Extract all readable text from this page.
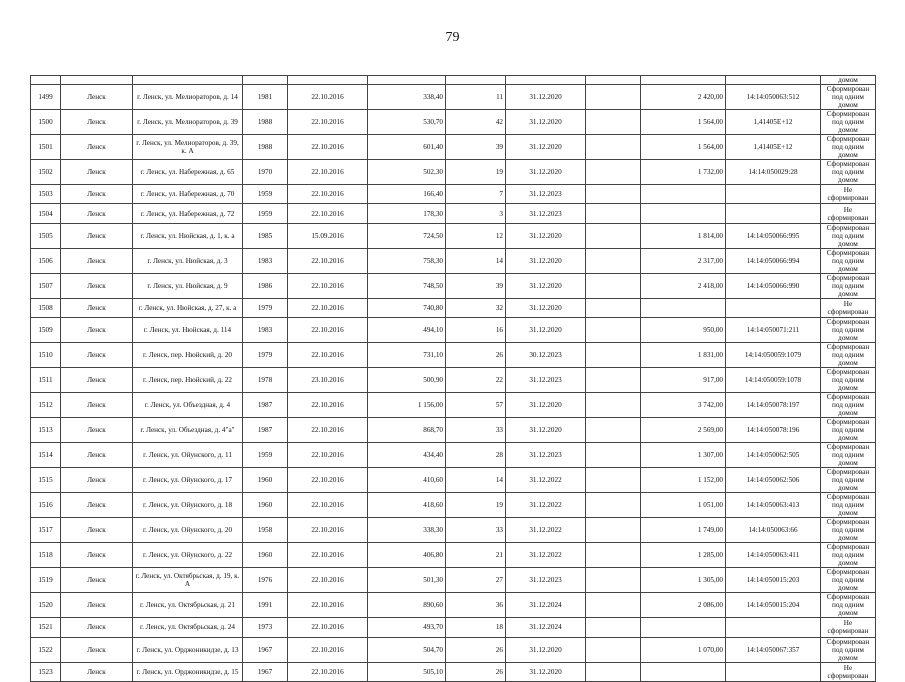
79
											домом
1499	Ленск	г. Ленск, ул. Мелиораторов, д. 14	1981	22.10.2016	338,40	11	31.12.2020		2 420,00	14:14:050063:512	Сформирован под одним домом
1500	Ленск	г. Ленск, ул. Мелиораторов, д. 39	1988	22.10.2016	530,70	42	31.12.2020		1 564,00	1,41405E+12	Сформирован под одним домом
1501	Ленск	г. Ленск, ул. Мелиораторов, д. 39, к. А	1988	22.10.2016	601,40	39	31.12.2020		1 564,00	1,41405E+12	Сформирован под одним домом
1502	Ленск	г. Ленск, ул. Набережная, д. 65	1970	22.10.2016	502,30	19	31.12.2020		1 732,00	14:14:050029:28	Сформирован под одним домом
1503	Ленск	г. Ленск, ул. Набережная, д. 70	1959	22.10.2016	166,40	7	31.12.2023				Не сформирован
1504	Ленск	г. Ленск, ул. Набережная, д. 72	1959	22.10.2016	178,30	3	31.12.2023				Не сформирован
1505	Ленск	г. Ленск, ул. Нюйская, д. 1, к. а	1985	15.09.2016	724,50	12	31.12.2020		1 814,00	14:14:050066:995	Сформирован под одним домом
1506	Ленск	г. Ленск, ул. Нюйская, д. 3	1983	22.10.2016	758,30	14	31.12.2020		2 317,00	14:14:050066:994	Сформирован под одним домом
1507	Ленск	г. Ленск, ул. Нюйская, д. 9	1986	22.10.2016	748,50	39	31.12.2020		2 418,00	14:14:050066:990	Сформирован под одним домом
1508	Ленск	г. Ленск, ул. Нюйская, д. 27, к. а	1979	22.10.2016	740,80	32	31.12.2020				Не сформирован
1509	Ленск	г. Ленск, ул. Нюйская, д. 114	1983	22.10.2016	494,10	16	31.12.2020		950,00	14:14:050071:211	Сформирован под одним домом
1510	Ленск	г. Ленск, пер. Нюйский, д. 20	1979	22.10.2016	731,10	26	30.12.2023		1 831,00	14:14:050059:1079	Сформирован под одним домом
1511	Ленск	г. Ленск, пер. Нюйский, д. 22	1978	23.10.2016	500,90	22	31.12.2023		917,00	14:14:050059:1078	Сформирован под одним домом
1512	Ленск	г. Ленск, ул. Объездная, д. 4	1987	22.10.2016	1 156,00	57	31.12.2020		3 742,00	14:14:050078:197	Сформирован под одним домом
1513	Ленск	г. Ленск, ул. Объездная, д. 4"а"	1987	22.10.2016	868,70	33	31.12.2020		2 569,00	14:14:050078:196	Сформирован под одним домом
1514	Ленск	г. Ленск, ул. Ойунского, д. 11	1959	22.10.2016	434,40	28	31.12.2023		1 307,00	14:14:050062:505	Сформирован под одним домом
1515	Ленск	г. Ленск, ул. Ойунского, д. 17	1960	22.10.2016	410,60	14	31.12.2022		1 152,00	14:14:050062:506	Сформирован под одним домом
1516	Ленск	г. Ленск, ул. Ойунского, д. 18	1960	22.10.2016	418,60	19	31.12.2022		1 051,00	14:14:050063:413	Сформирован под одним домом
1517	Ленск	г. Ленск, ул. Ойунского, д. 20	1958	22.10.2016	338,30	33	31.12.2022		1 749,00	14:14:050063:66	Сформирован под одним домом
1518	Ленск	г. Ленск, ул. Ойунского, д. 22	1960	22.10.2016	406,80	21	31.12.2022		1 285,00	14:14:050063:411	Сформирован под одним домом
1519	Ленск	г. Ленск, ул. Октябрьская, д. 19, к. А	1976	22.10.2016	501,30	27	31.12.2023		1 305,00	14:14:050015:203	Сформирован под одним домом
1520	Ленск	г. Ленск, ул. Октябрьская, д. 21	1991	22.10.2016	890,60	36	31.12.2024		2 086,00	14:14:050015:204	Сформирован под одним домом
1521	Ленск	г. Ленск, ул. Октябрьская, д. 24	1973	22.10.2016	493,70	18	31.12.2024				Не сформирован
1522	Ленск	г. Ленск, ул. Орджоникидзе, д. 13	1967	22.10.2016	504,70	26	31.12.2020		1 070,00	14:14:050067:357	Сформирован под одним домом
1523	Ленск	г. Ленск, ул. Орджоникидзе, д. 15	1967	22.10.2016	505,10	26	31.12.2020				Не сформирован
